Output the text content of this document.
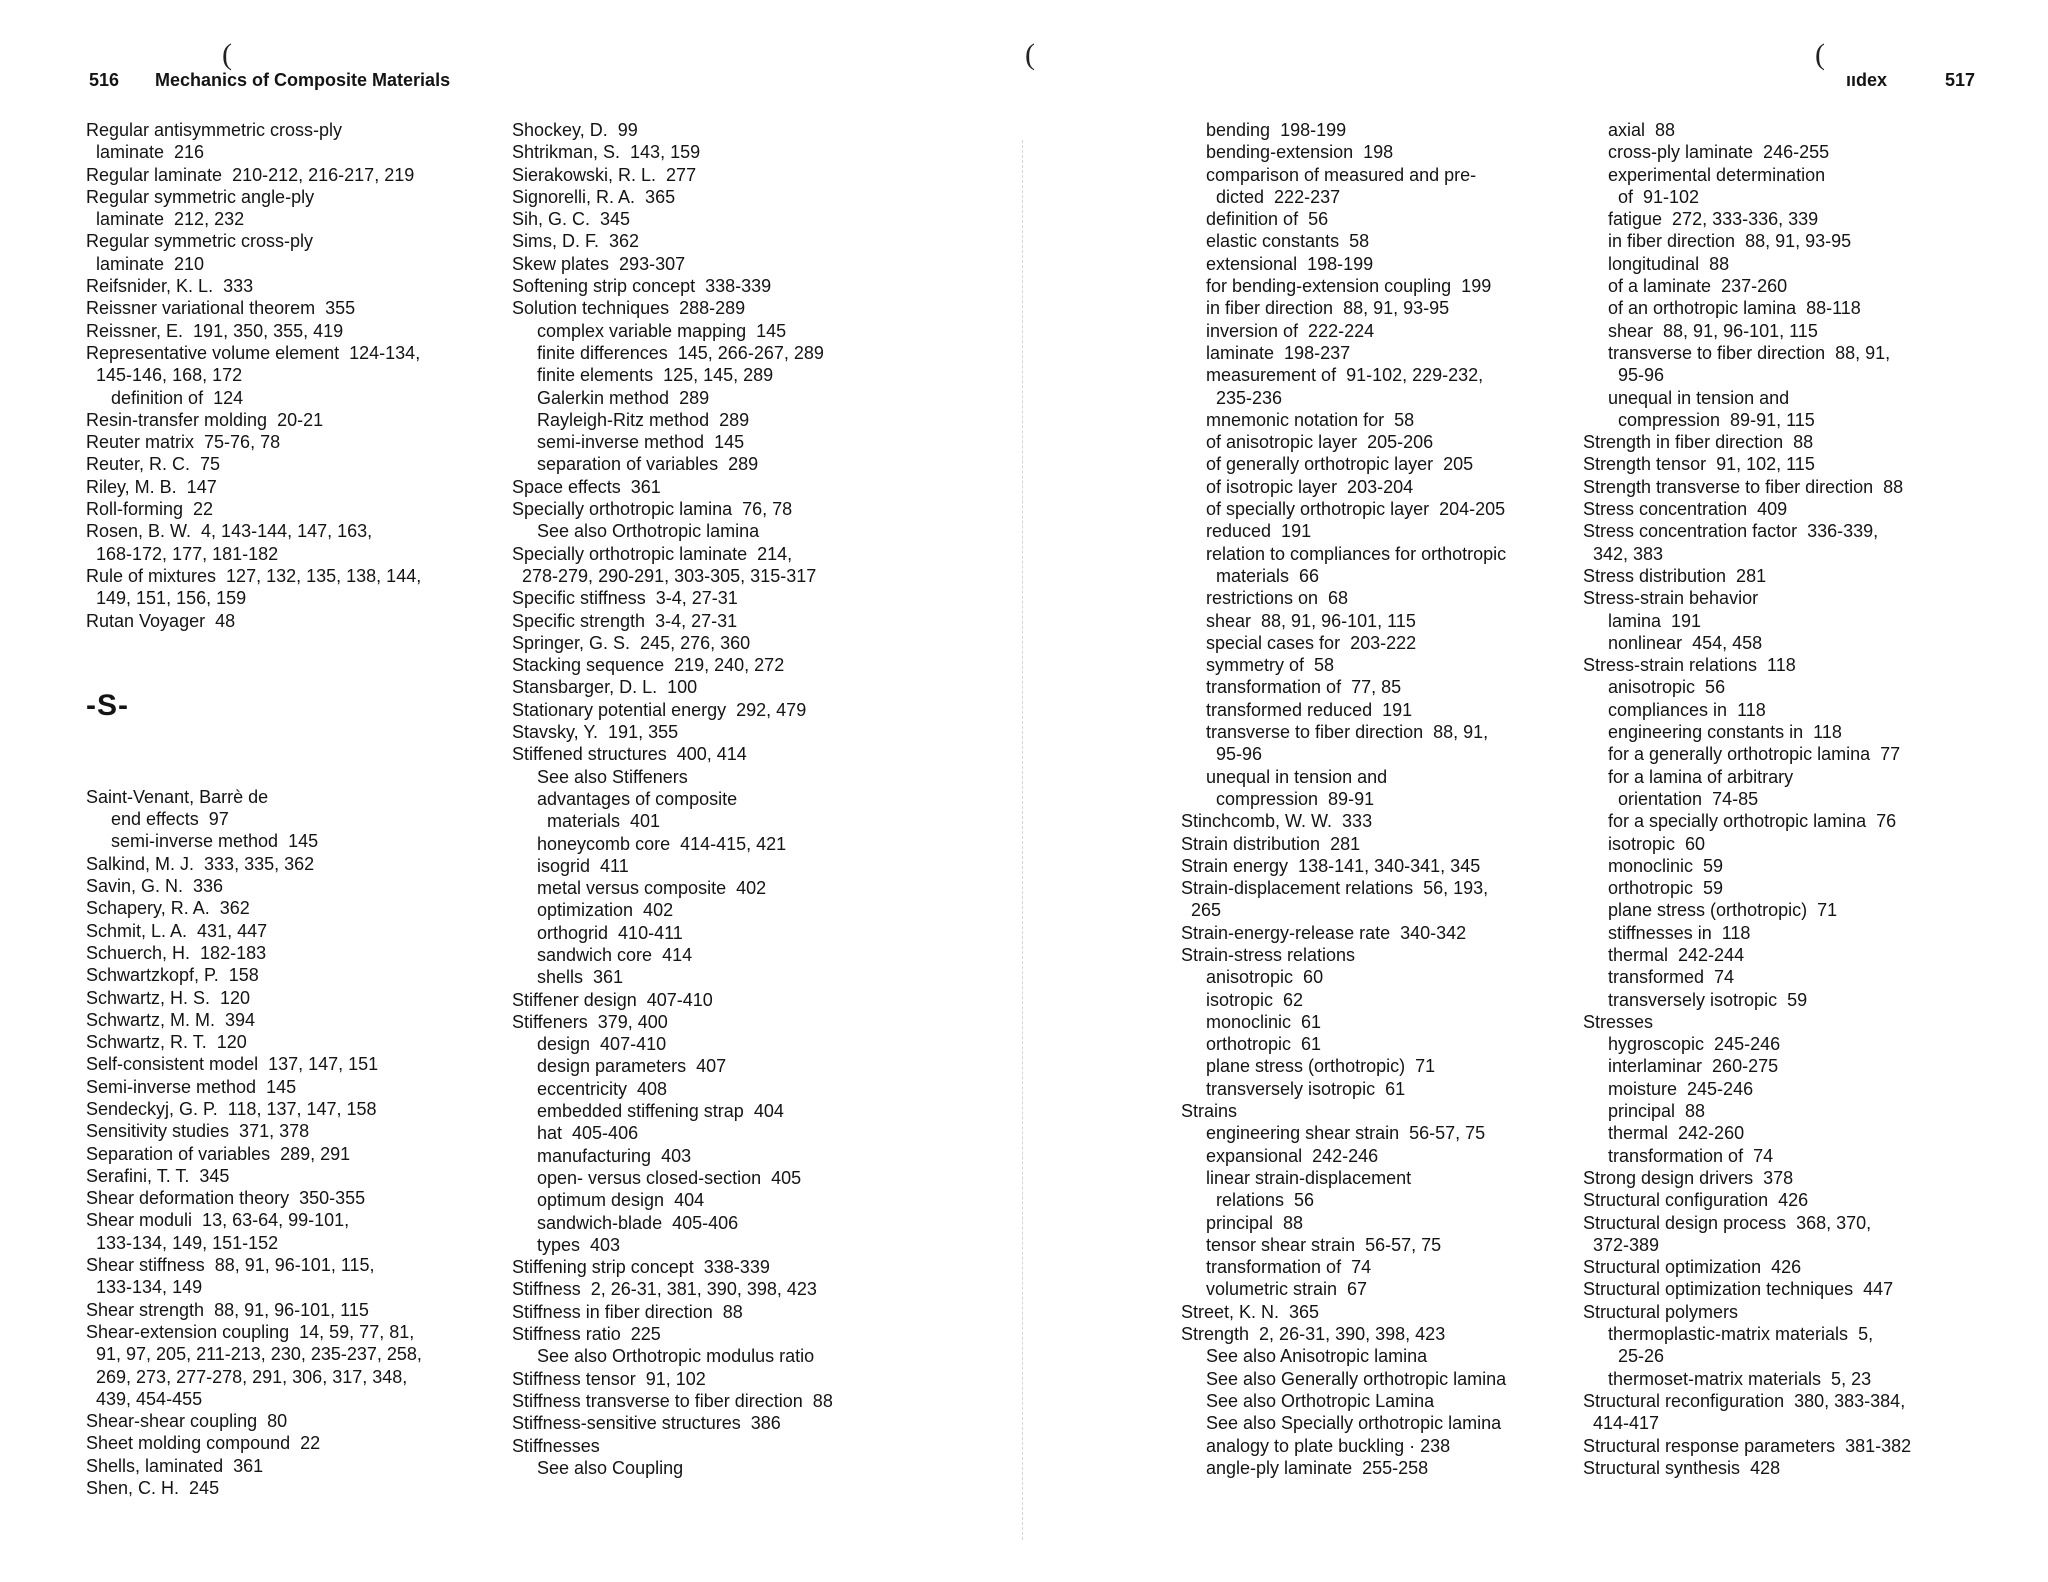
(
516 Mechanics of Composite Materials
Regular antisymmetric cross-ply
laminate  216
Regular laminate  210-212, 216-217, 219
Regular symmetric angle-ply
laminate  212, 232
Regular symmetric cross-ply
laminate  210
Reifsnider, K. L.  333
Reissner variational theorem  355
Reissner, E.  191, 350, 355, 419
Representative volume element  124-134,
145-146, 168, 172
definition of  124
Resin-transfer molding  20-21
Reuter matrix  75-76, 78
Reuter, R. C.  75
Riley, M. B.  147
Roll-forming  22
Rosen, B. W.  4, 143-144, 147, 163,
168-172, 177, 181-182
Rule of mixtures  127, 132, 135, 138, 144,
149, 151, 156, 159
Rutan Voyager  48
-S-
Saint-Venant, Barrè de
end effects  97
semi-inverse method  145
Salkind, M. J.  333, 335, 362
Savin, G. N.  336
Schapery, R. A.  362
Schmit, L. A.  431, 447
Schuerch, H.  182-183
Schwartzkopf, P.  158
Schwartz, H. S.  120
Schwartz, M. M.  394
Schwartz, R. T.  120
Self-consistent model  137, 147, 151
Semi-inverse method  145
Sendeckyj, G. P.  118, 137, 147, 158
Sensitivity studies  371, 378
Separation of variables  289, 291
Serafini, T. T.  345
Shear deformation theory  350-355
Shear moduli  13, 63-64, 99-101,
133-134, 149, 151-152
Shear stiffness  88, 91, 96-101, 115,
133-134, 149
Shear strength  88, 91, 96-101, 115
Shear-extension coupling  14, 59, 77, 81,
91, 97, 205, 211-213, 230, 235-237, 258,
269, 273, 277-278, 291, 306, 317, 348,
439, 454-455
Shear-shear coupling  80
Sheet molding compound  22
Shells, laminated  361
Shen, C. H.  245
Shockey, D.  99
Shtrikman, S.  143, 159
Sierakowski, R. L.  277
Signorelli, R. A.  365
Sih, G. C.  345
Sims, D. F.  362
Skew plates  293-307
Softening strip concept  338-339
Solution techniques  288-289
complex variable mapping  145
finite differences  145, 266-267, 289
finite elements  125, 145, 289
Galerkin method  289
Rayleigh-Ritz method  289
semi-inverse method  145
separation of variables  289
Space effects  361
Specially orthotropic lamina  76, 78
See also Orthotropic lamina
Specially orthotropic laminate  214,
278-279, 290-291, 303-305, 315-317
Specific stiffness  3-4, 27-31
Specific strength  3-4, 27-31
Springer, G. S.  245, 276, 360
Stacking sequence  219, 240, 272
Stansbarger, D. L.  100
Stationary potential energy  292, 479
Stavsky, Y.  191, 355
Stiffened structures  400, 414
See also Stiffeners
advantages of composite
materials  401
honeycomb core  414-415, 421
isogrid  411
metal versus composite  402
optimization  402
orthogrid  410-411
sandwich core  414
shells  361
Stiffener design  407-410
Stiffeners  379, 400
design  407-410
design parameters  407
eccentricity  408
embedded stiffening strap  404
hat  405-406
manufacturing  403
open- versus closed-section  405
optimum design  404
sandwich-blade  405-406
types  403
Stiffening strip concept  338-339
Stiffness  2, 26-31, 381, 390, 398, 423
Stiffness in fiber direction  88
Stiffness ratio  225
See also Orthotropic modulus ratio
Stiffness tensor  91, 102
Stiffness transverse to fiber direction  88
Stiffness-sensitive structures  386
Stiffnesses
See also Coupling
(	(
ııdex	517
bending  198-199
bending-extension  198
comparison of measured and pre-
dicted  222-237
definition of  56
elastic constants  58
extensional  198-199
for bending-extension coupling  199
in fiber direction  88, 91, 93-95
inversion of  222-224
laminate  198-237
measurement of  91-102, 229-232,
235-236
mnemonic notation for  58
of anisotropic layer  205-206
of generally orthotropic layer  205
of isotropic layer  203-204
of specially orthotropic layer  204-205
reduced  191
relation to compliances for orthotropic
materials  66
restrictions on  68
shear  88, 91, 96-101, 115
special cases for  203-222
symmetry of  58
transformation of  77, 85
transformed reduced  191
transverse to fiber direction  88, 91,
95-96
unequal in tension and
compression  89-91
Stinchcomb, W. W.  333
Strain distribution  281
Strain energy  138-141, 340-341, 345
Strain-displacement relations  56, 193,
265
Strain-energy-release rate  340-342
Strain-stress relations
anisotropic  60
isotropic  62
monoclinic  61
orthotropic  61
plane stress (orthotropic)  71
transversely isotropic  61
Strains
engineering shear strain  56-57, 75
expansional  242-246
linear strain-displacement
relations  56
principal  88
tensor shear strain  56-57, 75
transformation of  74
volumetric strain  67
Street, K. N.  365
Strength  2, 26-31, 390, 398, 423
See also Anisotropic lamina
See also Generally orthotropic lamina
See also Orthotropic Lamina
See also Specially orthotropic lamina
analogy to plate buckling · 238
angle-ply laminate  255-258
axial  88
cross-ply laminate  246-255
experimental determination
of  91-102
fatigue  272, 333-336, 339
in fiber direction  88, 91, 93-95
longitudinal  88
of a laminate  237-260
of an orthotropic lamina  88-118
shear  88, 91, 96-101, 115
transverse to fiber direction  88, 91,
95-96
unequal in tension and
compression  89-91, 115
Strength in fiber direction  88
Strength tensor  91, 102, 115
Strength transverse to fiber direction  88
Stress concentration  409
Stress concentration factor  336-339,
342, 383
Stress distribution  281
Stress-strain behavior
lamina  191
nonlinear  454, 458
Stress-strain relations  118
anisotropic  56
compliances in  118
engineering constants in  118
for a generally orthotropic lamina  77
for a lamina of arbitrary
orientation  74-85
for a specially orthotropic lamina  76
isotropic  60
monoclinic  59
orthotropic  59
plane stress (orthotropic)  71
stiffnesses in  118
thermal  242-244
transformed  74
transversely isotropic  59
Stresses
hygroscopic  245-246
interlaminar  260-275
moisture  245-246
principal  88
thermal  242-260
transformation of  74
Strong design drivers  378
Structural configuration  426
Structural design process  368, 370,
372-389
Structural optimization  426
Structural optimization techniques  447
Structural polymers
thermoplastic-matrix materials  5,
25-26
thermoset-matrix materials  5, 23
Structural reconfiguration  380, 383-384,
414-417
Structural response parameters  381-382
Structural synthesis  428
